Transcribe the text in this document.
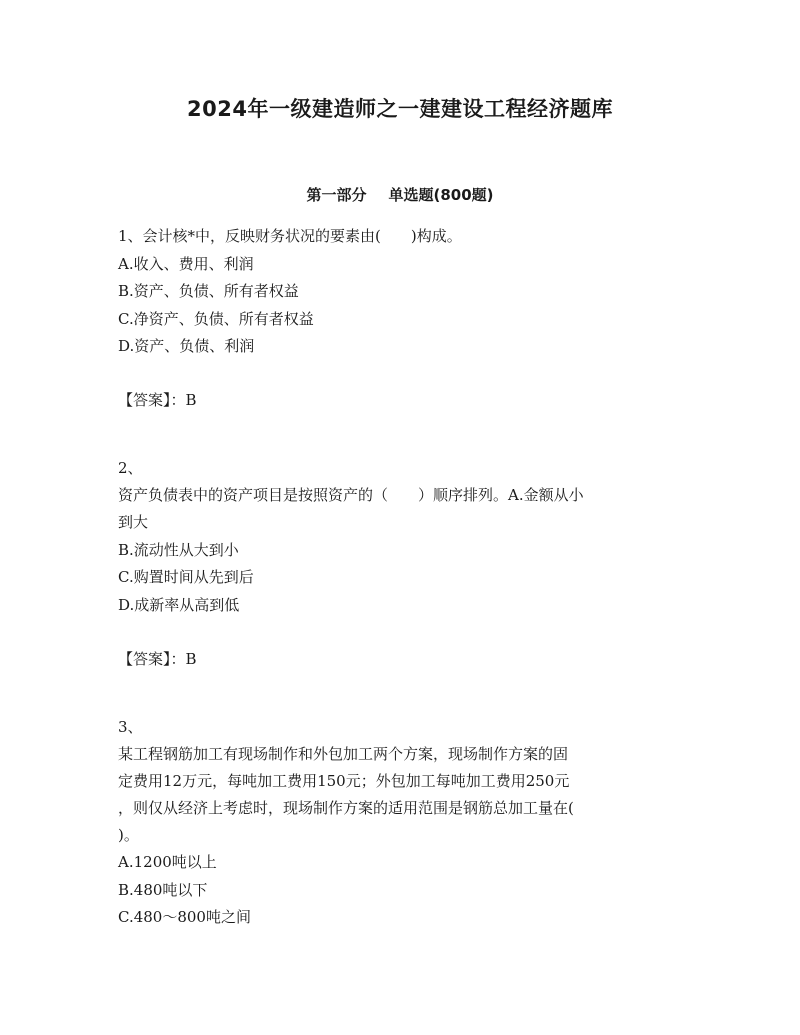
2024年一级建造师之一建建设工程经济题库
第一部分 单选题(800题)
1、会计核*中，反映财务状况的要素由(　　)构成。
A.收入、费用、利润
B.资产、负债、所有者权益
C.净资产、负债、所有者权益
D.资产、负债、利润
【答案】：B
2、
资产负债表中的资产项目是按照资产的（　　）顺序排列。A.金额从小
到大
B.流动性从大到小
C.购置时间从先到后
D.成新率从高到低
【答案】：B
3、
某工程钢筋加工有现场制作和外包加工两个方案，现场制作方案的固
定费用12万元，每吨加工费用150元；外包加工每吨加工费用250元
，则仅从经济上考虑时，现场制作方案的适用范围是钢筋总加工量在(
)。
A.1200吨以上
B.480吨以下
C.480～800吨之间
